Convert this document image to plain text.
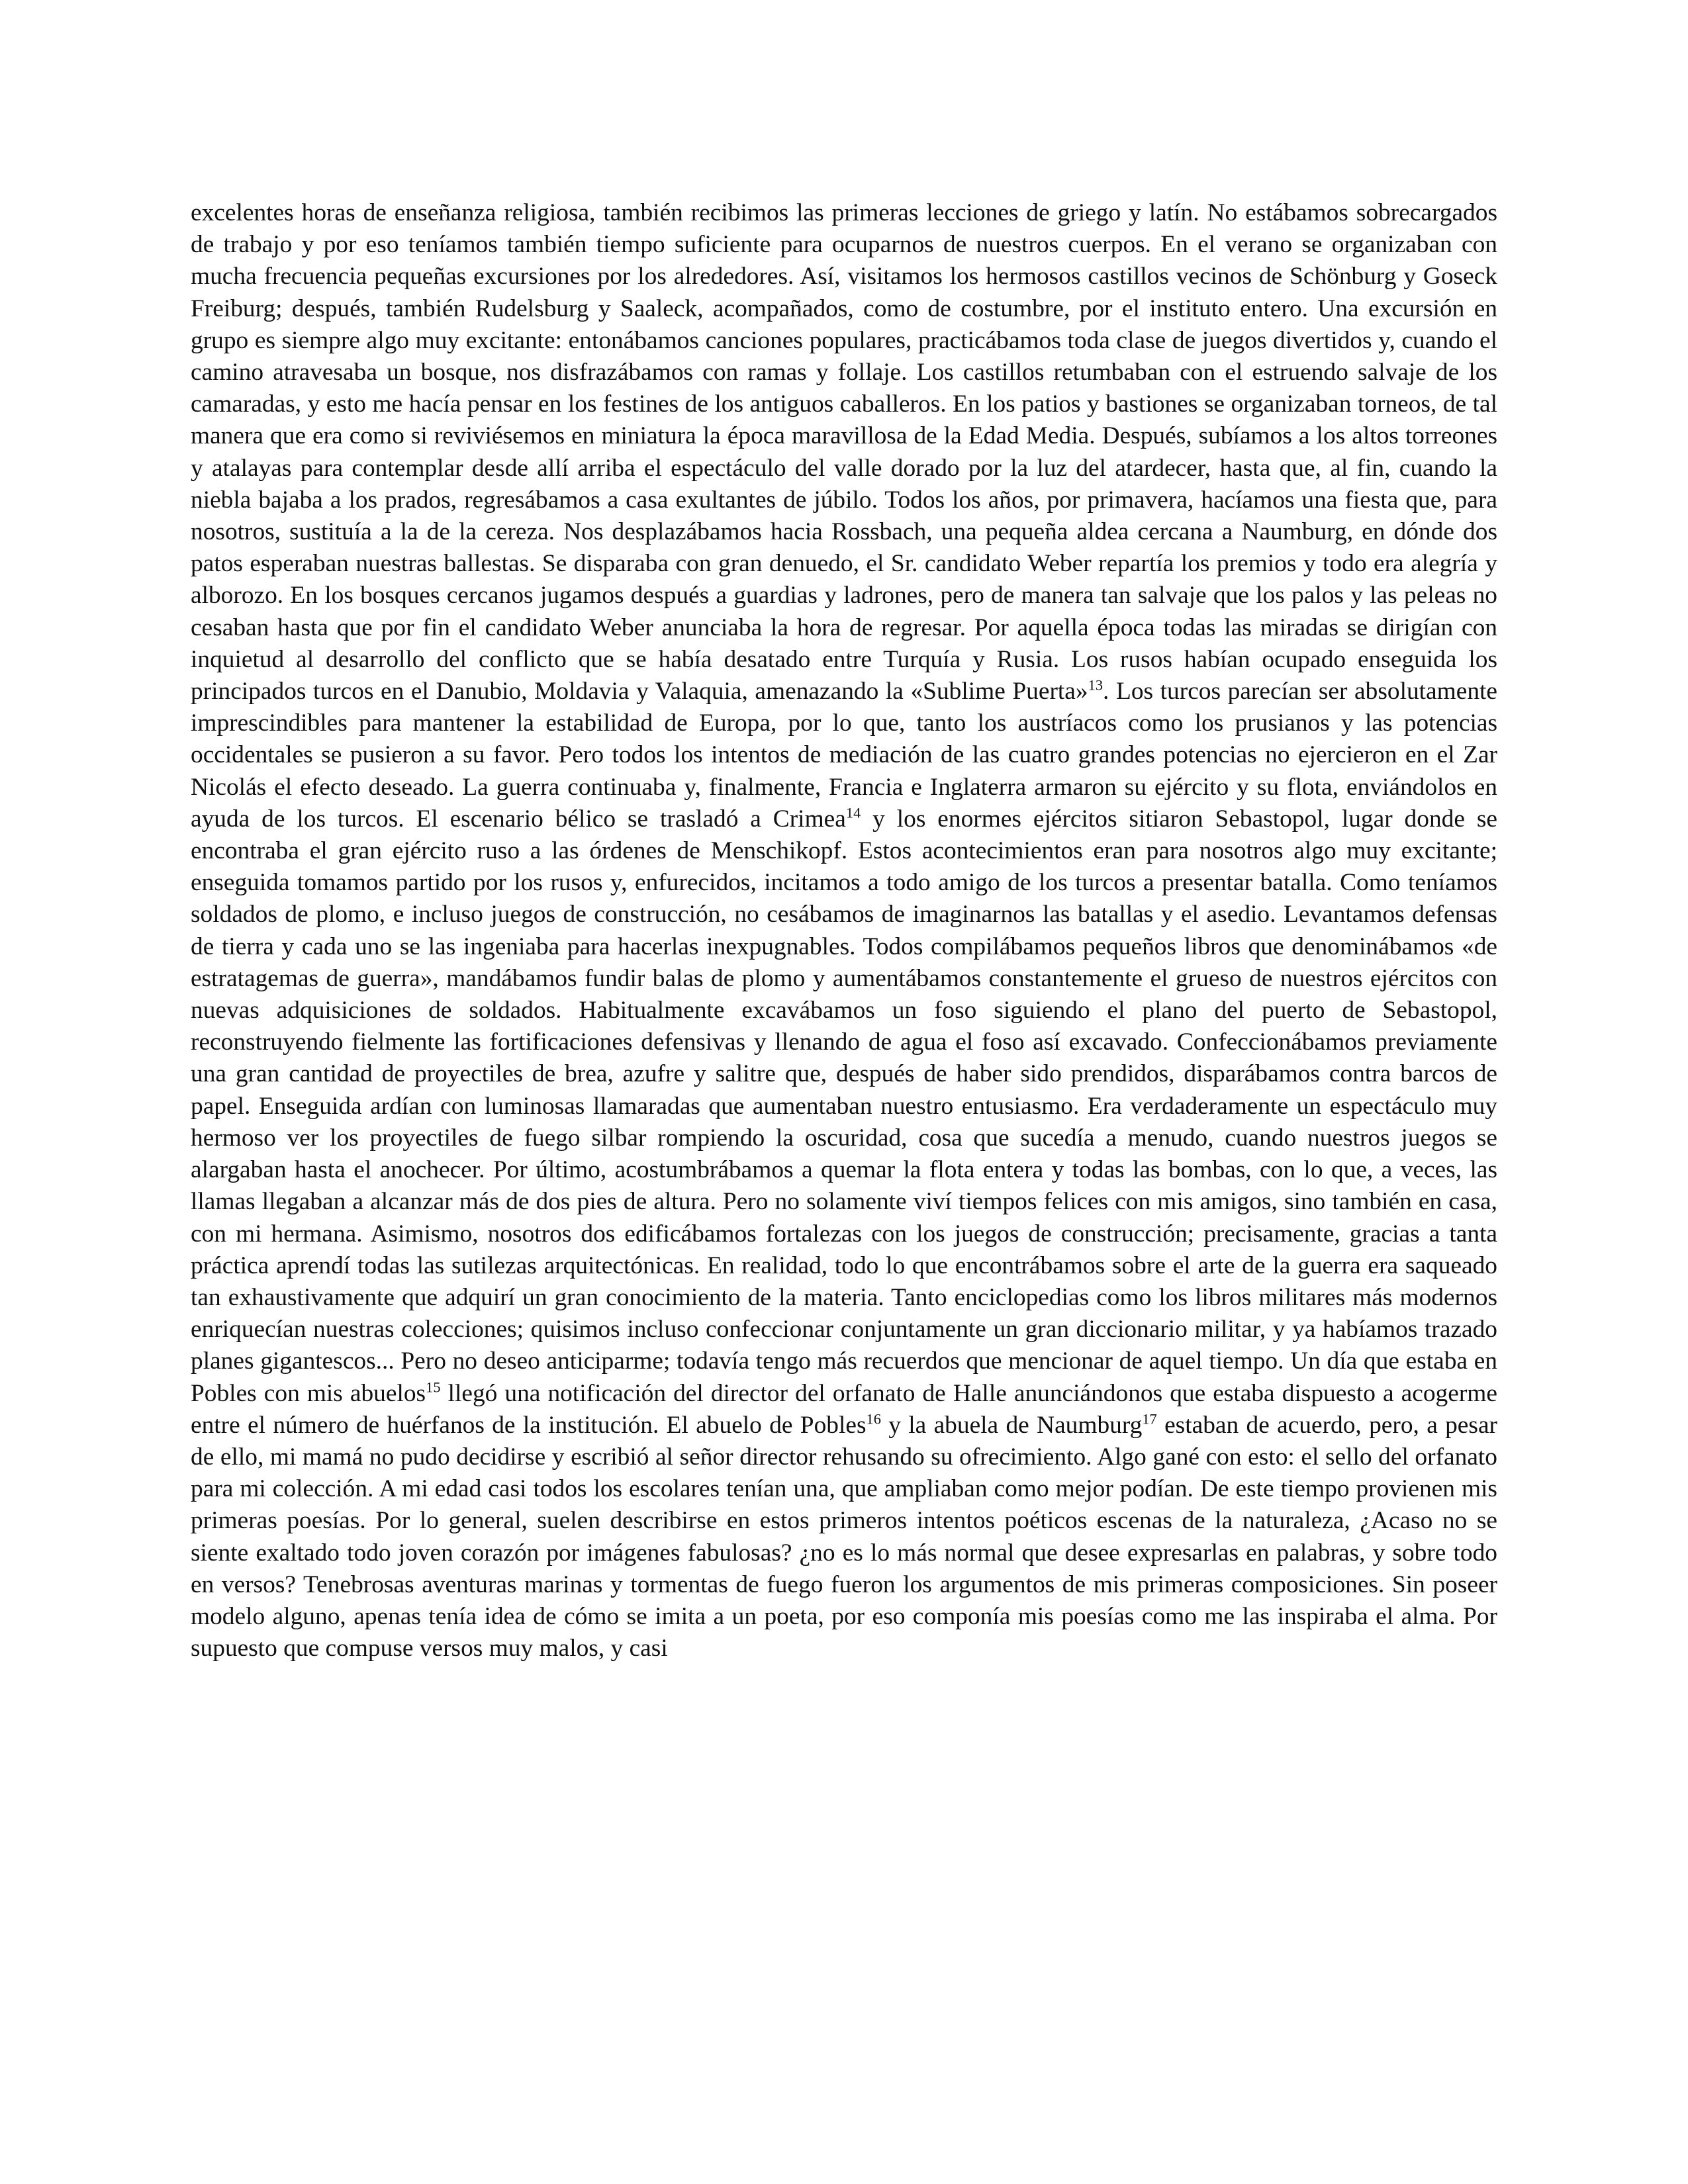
excelentes horas de enseñanza religiosa, también recibimos las primeras lecciones de griego y latín. No estábamos sobrecargados de trabajo y por eso teníamos también tiempo suficiente para ocuparnos de nuestros cuerpos. En el verano se organizaban con mucha frecuencia pequeñas excursiones por los alrededores. Así, visitamos los hermosos castillos vecinos de Schönburg y Goseck Freiburg; después, también Rudelsburg y Saaleck, acompañados, como de costumbre, por el instituto entero. Una excursión en grupo es siempre algo muy excitante: entonábamos canciones populares, practicábamos toda clase de juegos divertidos y, cuando el camino atravesaba un bosque, nos disfrazábamos con ramas y follaje. Los castillos retumbaban con el estruendo salvaje de los camaradas, y esto me hacía pensar en los festines de los antiguos caballeros. En los patios y bastiones se organizaban torneos, de tal manera que era como si reviviésemos en miniatura la época maravillosa de la Edad Media. Después, subíamos a los altos torreones y atalayas para contemplar desde allí arriba el espectáculo del valle dorado por la luz del atardecer, hasta que, al fin, cuando la niebla bajaba a los prados, regresábamos a casa exultantes de júbilo. Todos los años, por primavera, hacíamos una fiesta que, para nosotros, sustituía a la de la cereza. Nos desplazábamos hacia Rossbach, una pequeña aldea cercana a Naumburg, en dónde dos patos esperaban nuestras ballestas. Se disparaba con gran denuedo, el Sr. candidato Weber repartía los premios y todo era alegría y alborozo. En los bosques cercanos jugamos después a guardias y ladrones, pero de manera tan salvaje que los palos y las peleas no cesaban hasta que por fin el candidato Weber anunciaba la hora de regresar. Por aquella época todas las miradas se dirigían con inquietud al desarrollo del conflicto que se había desatado entre Turquía y Rusia. Los rusos habían ocupado enseguida los principados turcos en el Danubio, Moldavia y Valaquia, amenazando la «Sublime Puerta»$^{13}$. Los turcos parecían ser absolutamente imprescindibles para mantener la estabilidad de Europa, por lo que, tanto los austríacos como los prusianos y las potencias occidentales se pusieron a su favor. Pero todos los intentos de mediación de las cuatro grandes potencias no ejercieron en el Zar Nicolás el efecto deseado. La guerra continuaba y, finalmente, Francia e Inglaterra armaron su ejército y su flota, enviándolos en ayuda de los turcos. El escenario bélico se trasladó a Crimea$^{14}$ y los enormes ejércitos sitiaron Sebastopol, lugar donde se encontraba el gran ejército ruso a las órdenes de Menschikopf. Estos acontecimientos eran para nosotros algo muy excitante; enseguida tomamos partido por los rusos y, enfurecidos, incitamos a todo amigo de los turcos a presentar batalla. Como teníamos soldados de plomo, e incluso juegos de construcción, no cesábamos de imaginarnos las batallas y el asedio. Levantamos defensas de tierra y cada uno se las ingeniaba para hacerlas inexpugnables. Todos compilábamos pequeños libros que denominábamos «de estratagemas de guerra», mandábamos fundir balas de plomo y aumentábamos constantemente el grueso de nuestros ejércitos con nuevas adquisiciones de soldados. Habitualmente excavábamos un foso siguiendo el plano del puerto de Sebastopol, reconstruyendo fielmente las fortificaciones defensivas y llenando de agua el foso así excavado. Confeccionábamos previamente una gran cantidad de proyectiles de brea, azufre y salitre que, después de haber sido prendidos, disparábamos contra barcos de papel. Enseguida ardían con luminosas llamaradas que aumentaban nuestro entusiasmo. Era verdaderamente un espectáculo muy hermoso ver los proyectiles de fuego silbar rompiendo la oscuridad, cosa que sucedía a menudo, cuando nuestros juegos se alargaban hasta el anochecer. Por último, acostumbrábamos a quemar la flota entera y todas las bombas, con lo que, a veces, las llamas llegaban a alcanzar más de dos pies de altura. Pero no solamente viví tiempos felices con mis amigos, sino también en casa, con mi hermana. Asimismo, nosotros dos edificábamos fortalezas con los juegos de construcción; precisamente, gracias a tanta práctica aprendí todas las sutilezas arquitectónicas. En realidad, todo lo que encontrábamos sobre el arte de la guerra era saqueado tan exhaustivamente que adquirí un gran conocimiento de la materia. Tanto enciclopedias como los libros militares más modernos enriquecían nuestras colecciones; quisimos incluso confeccionar conjuntamente un gran diccionario militar, y ya habíamos trazado planes gigantescos... Pero no deseo anticiparme; todavía tengo más recuerdos que mencionar de aquel tiempo. Un día que estaba en Pobles con mis abuelos$^{15}$ llegó una notificación del director del orfanato de Halle anunciándonos que estaba dispuesto a acogerme entre el número de huérfanos de la institución. El abuelo de Pobles$^{16}$ y la abuela de Naumburg$^{17}$ estaban de acuerdo, pero, a pesar de ello, mi mamá no pudo decidirse y escribió al señor director rehusando su ofrecimiento. Algo gané con esto: el sello del orfanato para mi colección. A mi edad casi todos los escolares tenían una, que ampliaban como mejor podían. De este tiempo provienen mis primeras poesías. Por lo general, suelen describirse en estos primeros intentos poéticos escenas de la naturaleza, ¿Acaso no se siente exaltado todo joven corazón por imágenes fabulosas? ¿no es lo más normal que desee expresarlas en palabras, y sobre todo en versos? Tenebrosas aventuras marinas y tormentas de fuego fueron los argumentos de mis primeras composiciones. Sin poseer modelo alguno, apenas tenía idea de cómo se imita a un poeta, por eso componía mis poesías como me las inspiraba el alma. Por supuesto que compuse versos muy malos, y casi
